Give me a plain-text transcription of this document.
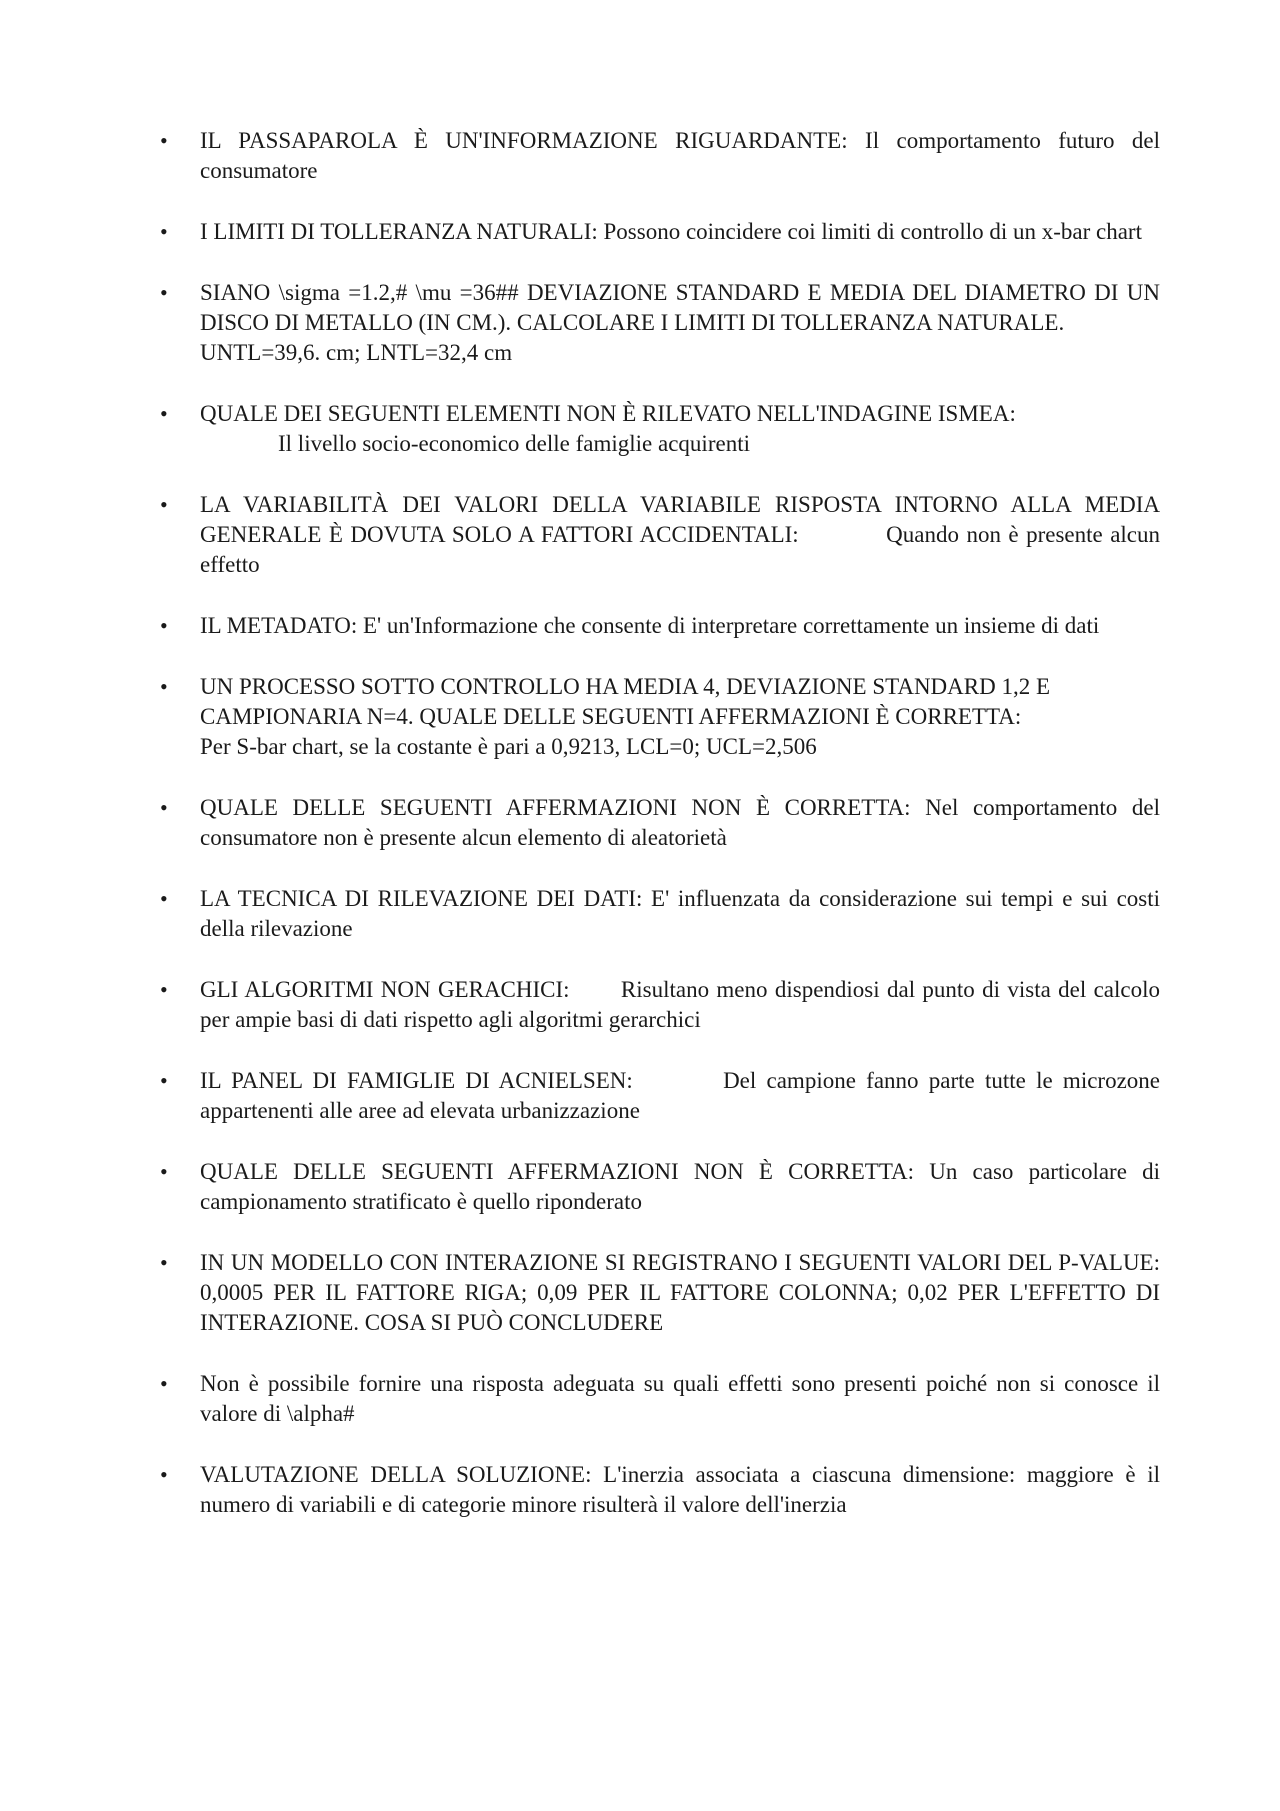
•	IL PASSAPAROLA È UN'INFORMAZIONE RIGUARDANTE: Il comportamento futuro del consumatore
•	I LIMITI DI TOLLERANZA NATURALI: Possono coincidere coi limiti di controllo di un x-bar chart
•	SIANO \sigma =1.2,# \mu =36## DEVIAZIONE STANDARD E MEDIA DEL DIAMETRO DI UN DISCO DI METALLO (IN CM.). CALCOLARE I LIMITI DI TOLLERANZA NATURALE.
UNTL=39,6. cm; LNTL=32,4 cm
•	QUALE DEI SEGUENTI ELEMENTI NON È RILEVATO NELL'INDAGINE ISMEA:
Il livello socio-economico delle famiglie acquirenti
•	LA VARIABILITÀ DEI VALORI DELLA VARIABILE RISPOSTA INTORNO ALLA MEDIA GENERALE È DOVUTA SOLO A FATTORI ACCIDENTALI:	Quando non è presente alcun effetto
•	IL METADATO: E' un'Informazione che consente di interpretare correttamente un insieme di dati
•	UN PROCESSO SOTTO CONTROLLO HA MEDIA 4, DEVIAZIONE STANDARD 1,2 E CAMPIONARIA N=4. QUALE DELLE SEGUENTI AFFERMAZIONI È CORRETTA:
Per S-bar chart, se la costante è pari a 0,9213, LCL=0; UCL=2,506
•	QUALE DELLE SEGUENTI AFFERMAZIONI NON È CORRETTA: Nel comportamento del consumatore non è presente alcun elemento di aleatorietà
•	LA TECNICA DI RILEVAZIONE DEI DATI: E' influenzata da considerazione sui tempi e sui costi della rilevazione
•	GLI ALGORITMI NON GERACHICI: Risultano meno dispendiosi dal punto di vista del calcolo per ampie basi di dati rispetto agli algoritmi gerarchici
•	IL PANEL DI FAMIGLIE DI ACNIELSEN:	Del campione fanno parte tutte le microzone appartenenti alle aree ad elevata urbanizzazione
•	QUALE DELLE SEGUENTI AFFERMAZIONI NON È CORRETTA: Un caso particolare di campionamento stratificato è quello riponderato
•	IN UN MODELLO CON INTERAZIONE SI REGISTRANO I SEGUENTI VALORI DEL P-VALUE: 0,0005 PER IL FATTORE RIGA; 0,09 PER IL FATTORE COLONNA; 0,02 PER L'EFFETTO DI INTERAZIONE. COSA SI PUÒ CONCLUDERE
•	Non è possibile fornire una risposta adeguata su quali effetti sono presenti poiché non si conosce il valore di \alpha#
•	VALUTAZIONE DELLA SOLUZIONE: L'inerzia associata a ciascuna dimensione: maggiore è il numero di variabili e di categorie minore risulterà il valore dell'inerzia
